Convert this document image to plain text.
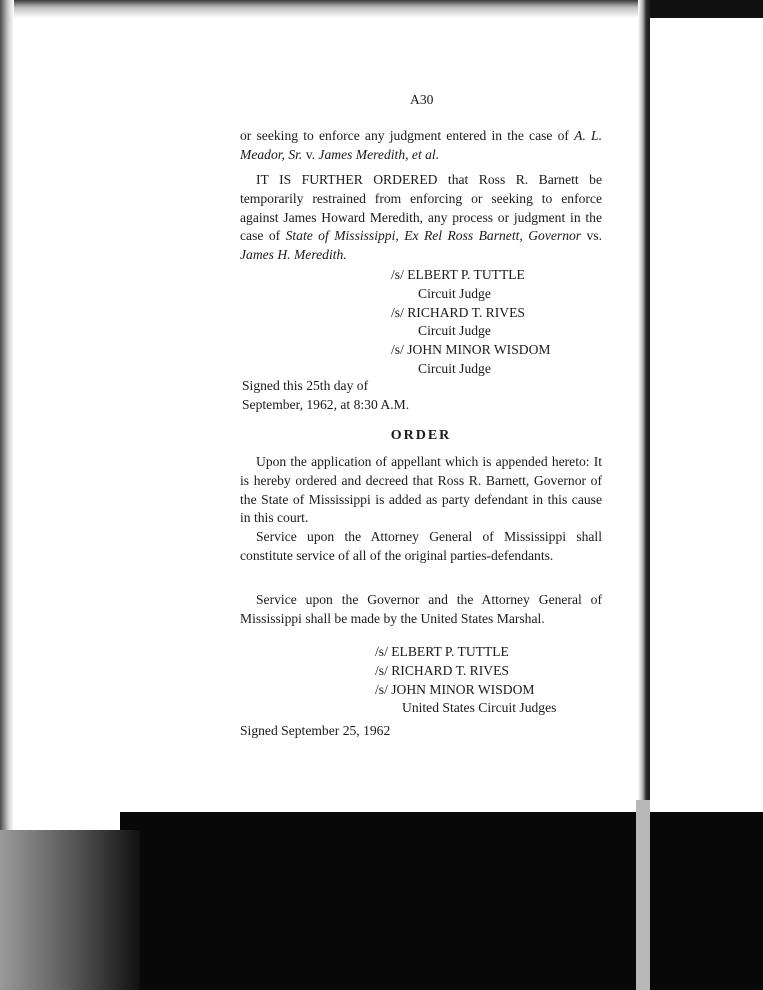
A30

or seeking to enforce any judgment entered in the case of A. L. Meador, Sr. v. James Meredith, et al.

IT IS FURTHER ORDERED that Ross R. Barnett be temporarily restrained from enforcing or seeking to enforce against James Howard Meredith, any process or judgment in the case of State of Mississippi, Ex Rel Ross Barnett, Governor vs. James H. Meredith.

/s/ ELBERT P. TUTTLE
Circuit Judge
/s/ RICHARD T. RIVES
Circuit Judge
/s/ JOHN MINOR WISDOM
Circuit Judge
Signed this 25th day of
September, 1962, at 8:30 A.M.
ORDER

Upon the application of appellant which is appended hereto: It is hereby ordered and decreed that Ross R. Barnett, Governor of the State of Mississippi is added as party defendant in this cause in this court.

Service upon the Attorney General of Mississippi shall constitute service of all of the original parties-defendants.

Service upon the Governor and the Attorney General of Mississippi shall be made by the United States Marshal.

/s/ ELBERT P. TUTTLE
/s/ RICHARD T. RIVES
/s/ JOHN MINOR WISDOM
United States Circuit Judges
Signed September 25, 1962
